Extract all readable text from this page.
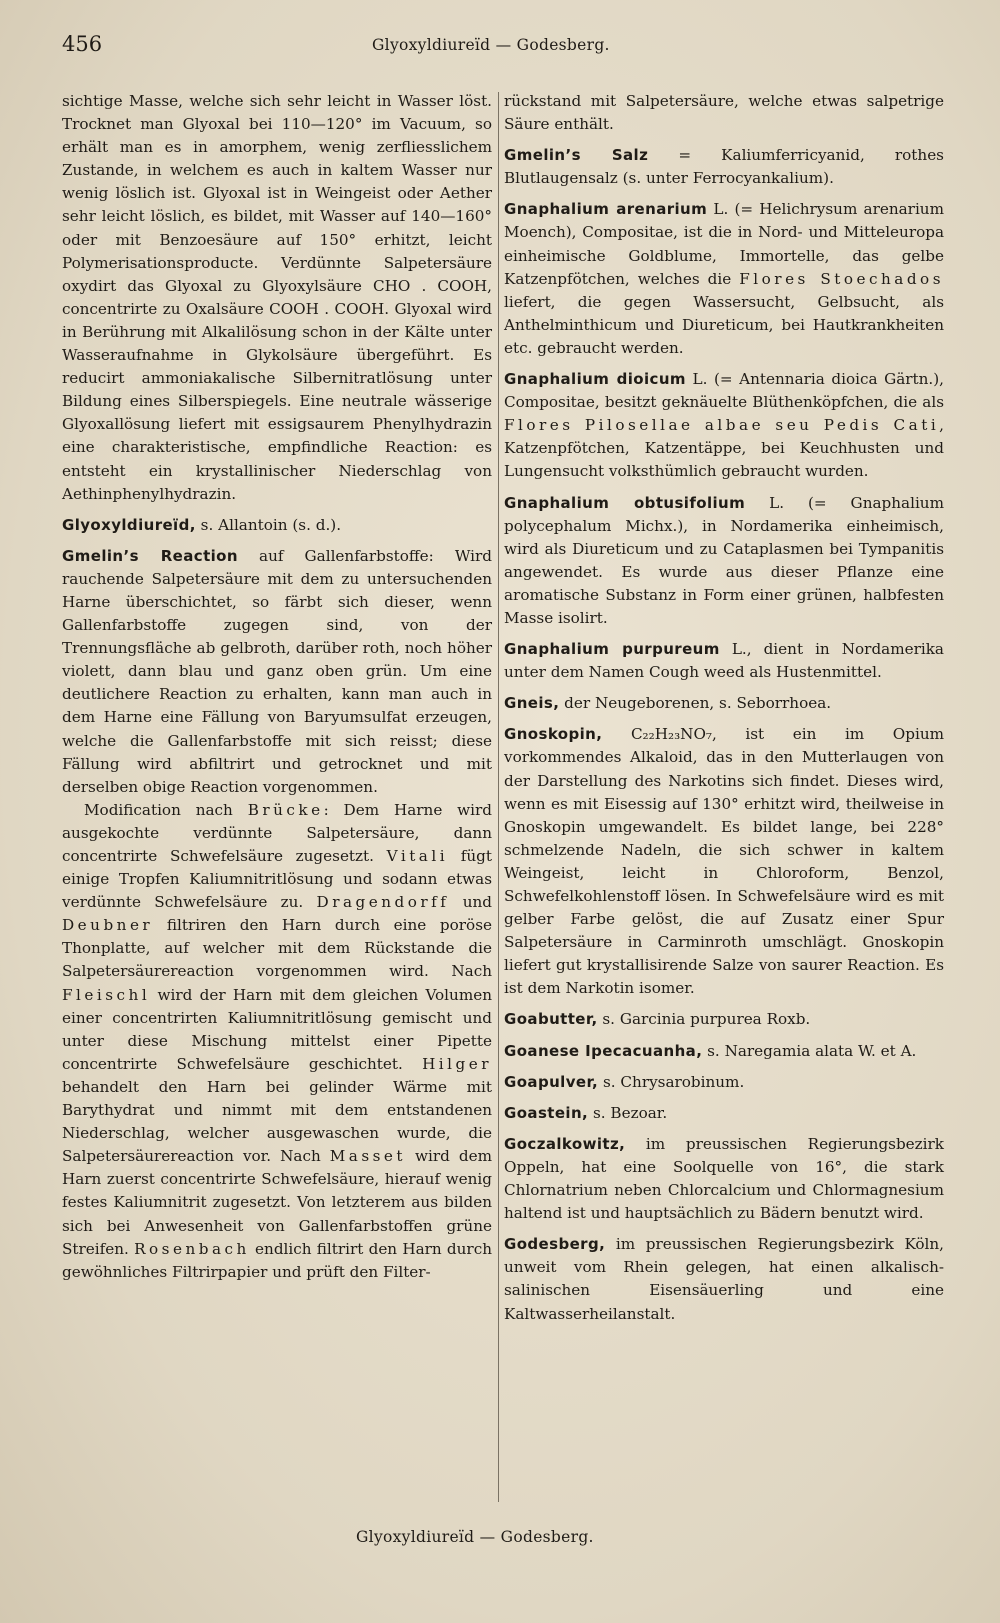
456	Glyoxyldiureïd — Godesberg.

sichtige Masse, welche sich sehr leicht in Wasser löst. Trocknet man Glyoxal bei 110—120° im Vacuum, so erhält man es in amorphem, wenig zerfliesslichem Zustande, in welchem es auch in kaltem Wasser nur wenig löslich ist. Glyoxal ist in Weingeist oder Aether sehr leicht löslich, es bildet, mit Wasser auf 140—160° oder mit Benzoesäure auf 150° erhitzt, leicht Polymerisationsproducte. Verdünnte Salpetersäure oxydirt das Glyoxal zu Glyoxylsäure CHO . COOH, concentrirte zu Oxalsäure COOH . COOH. Glyoxal wird in Berührung mit Alkalilösung schon in der Kälte unter Wasseraufnahme in Glykolsäure übergeführt. Es reducirt ammoniakalische Silbernitratlösung unter Bildung eines Silberspiegels. Eine neutrale wässerige Glyoxallösung liefert mit essigsaurem Phenylhydrazin eine charakteristische, empfindliche Reaction: es entsteht ein krystallinischer Niederschlag von Aethinphenylhydrazin.

Glyoxyldiureïd, s. Allantoin (s. d.).

Gmelin’s Reaction auf Gallenfarbstoffe: Wird rauchende Salpetersäure mit dem zu untersuchenden Harne überschichtet, so färbt sich dieser, wenn Gallenfarbstoffe zugegen sind, von der Trennungsfläche ab gelbroth, darüber roth, noch höher violett, dann blau und ganz oben grün. Um eine deutlichere Reaction zu erhalten, kann man auch in dem Harne eine Fällung von Baryumsulfat erzeugen, welche die Gallenfarbstoffe mit sich reisst; diese Fällung wird abfiltrirt und getrocknet und mit derselben obige Reaction vorgenommen.

Modification nach Brücke: Dem Harne wird ausgekochte verdünnte Salpetersäure, dann concentrirte Schwefelsäure zugesetzt. Vitali fügt einige Tropfen Kaliumnitritlösung und sodann etwas verdünnte Schwefelsäure zu. Dragendorff und Deubner filtriren den Harn durch eine poröse Thonplatte, auf welcher mit dem Rückstande die Salpetersäurereaction vorgenommen wird. Nach Fleischl wird der Harn mit dem gleichen Volumen einer concentrirten Kaliumnitritlösung gemischt und unter diese Mischung mittelst einer Pipette concentrirte Schwefelsäure geschichtet. Hilger behandelt den Harn bei gelinder Wärme mit Barythydrat und nimmt mit dem entstandenen Niederschlag, welcher ausgewaschen wurde, die Salpetersäurereaction vor. Nach Masset wird dem Harn zuerst concentrirte Schwefelsäure, hierauf wenig festes Kaliumnitrit zugesetzt. Von letzterem aus bilden sich bei Anwesenheit von Gallenfarbstoffen grüne Streifen. Rosenbach endlich filtrirt den Harn durch gewöhnliches Filtrirpapier und prüft den Filter-

rückstand mit Salpetersäure, welche etwas salpetrige Säure enthält.

Gmelin’s Salz = Kaliumferricyanid, rothes Blutlaugensalz (s. unter Ferrocyankalium).

Gnaphalium arenarium L. (= Helichrysum arenarium Moench), Compositae, ist die in Nord- und Mitteleuropa einheimische Goldblume, Immortelle, das gelbe Katzenpfötchen, welches die Flores Stoechados liefert, die gegen Wassersucht, Gelbsucht, als Anthelminthicum und Diureticum, bei Hautkrankheiten etc. gebraucht werden.

Gnaphalium dioicum L. (= Antennaria dioica Gärtn.), Compositae, besitzt geknäuelte Blüthenköpfchen, die als Flores Pilosellae albae seu Pedis Cati, Katzenpfötchen, Katzentäppe, bei Keuchhusten und Lungensucht volksthümlich gebraucht wurden.

Gnaphalium obtusifolium L. (= Gnaphalium polycephalum Michx.), in Nordamerika einheimisch, wird als Diureticum und zu Cataplasmen bei Tympanitis angewendet. Es wurde aus dieser Pflanze eine aromatische Substanz in Form einer grünen, halbfesten Masse isolirt.

Gnaphalium purpureum L., dient in Nordamerika unter dem Namen Cough weed als Hustenmittel.

Gneis, der Neugeborenen, s. Seborrhoea.

Gnoskopin, C₂₂H₂₃NO₇, ist ein im Opium vorkommendes Alkaloid, das in den Mutterlaugen von der Darstellung des Narkotins sich findet. Dieses wird, wenn es mit Eisessig auf 130° erhitzt wird, theilweise in Gnoskopin umgewandelt. Es bildet lange, bei 228° schmelzende Nadeln, die sich schwer in kaltem Weingeist, leicht in Chloroform, Benzol, Schwefelkohlenstoff lösen. In Schwefelsäure wird es mit gelber Farbe gelöst, die auf Zusatz einer Spur Salpetersäure in Carminroth umschlägt. Gnoskopin liefert gut krystallisirende Salze von saurer Reaction. Es ist dem Narkotin isomer.

Goabutter, s. Garcinia purpurea Roxb.

Goanese Ipecacuanha, s. Naregamia alata W. et A.

Goapulver, s. Chrysarobinum.

Goastein, s. Bezoar.

Goczalkowitz, im preussischen Regierungsbezirk Oppeln, hat eine Soolquelle von 16°, die stark Chlornatrium neben Chlorcalcium und Chlormagnesium haltend ist und hauptsächlich zu Bädern benutzt wird.

Godesberg, im preussischen Regierungsbezirk Köln, unweit vom Rhein gelegen, hat einen alkalisch-salinischen Eisensäuerling und eine Kaltwasserheilanstalt.

Glyoxyldiureïd — Godesberg.
